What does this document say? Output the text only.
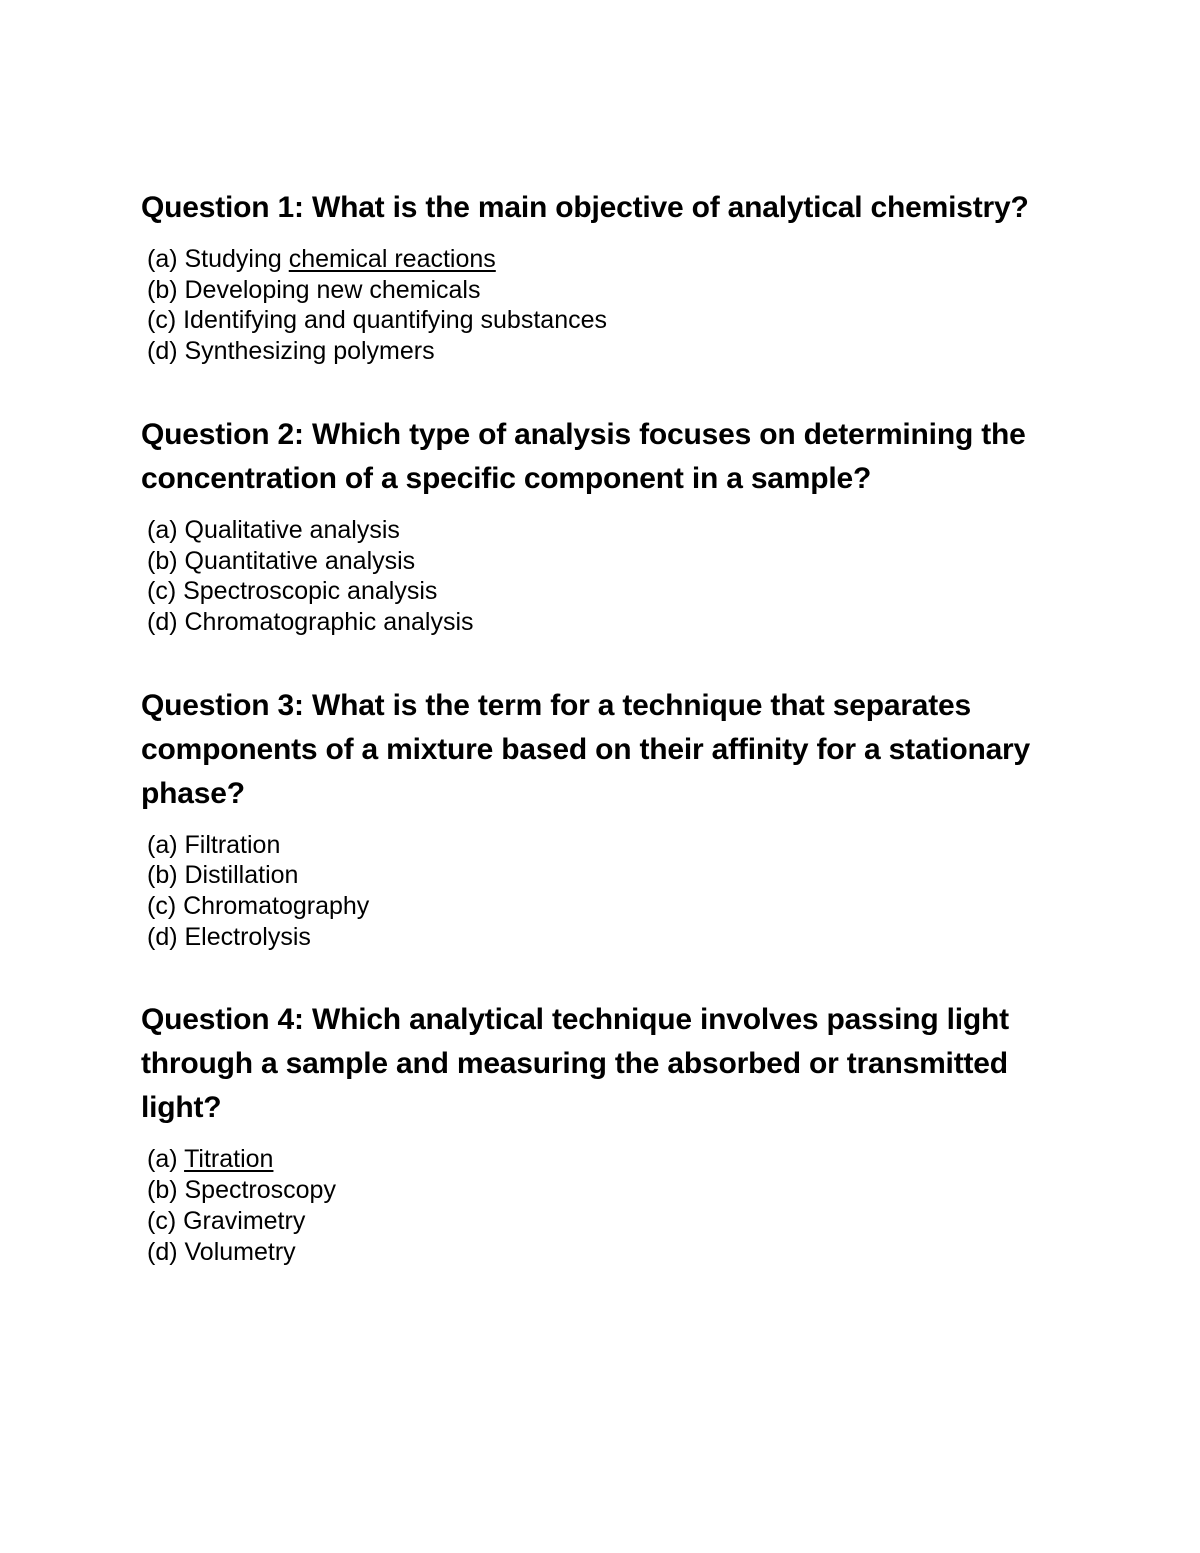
Question 1: What is the main objective of analytical chemistry?
(a) Studying chemical reactions
(b) Developing new chemicals
(c) Identifying and quantifying substances
(d) Synthesizing polymers
Question 2: Which type of analysis focuses on determining the concentration of a specific component in a sample?
(a) Qualitative analysis
(b) Quantitative analysis
(c) Spectroscopic analysis
(d) Chromatographic analysis
Question 3: What is the term for a technique that separates components of a mixture based on their affinity for a stationary phase?
(a) Filtration
(b) Distillation
(c) Chromatography
(d) Electrolysis
Question 4: Which analytical technique involves passing light through a sample and measuring the absorbed or transmitted light?
(a) Titration
(b) Spectroscopy
(c) Gravimetry
(d) Volumetry
